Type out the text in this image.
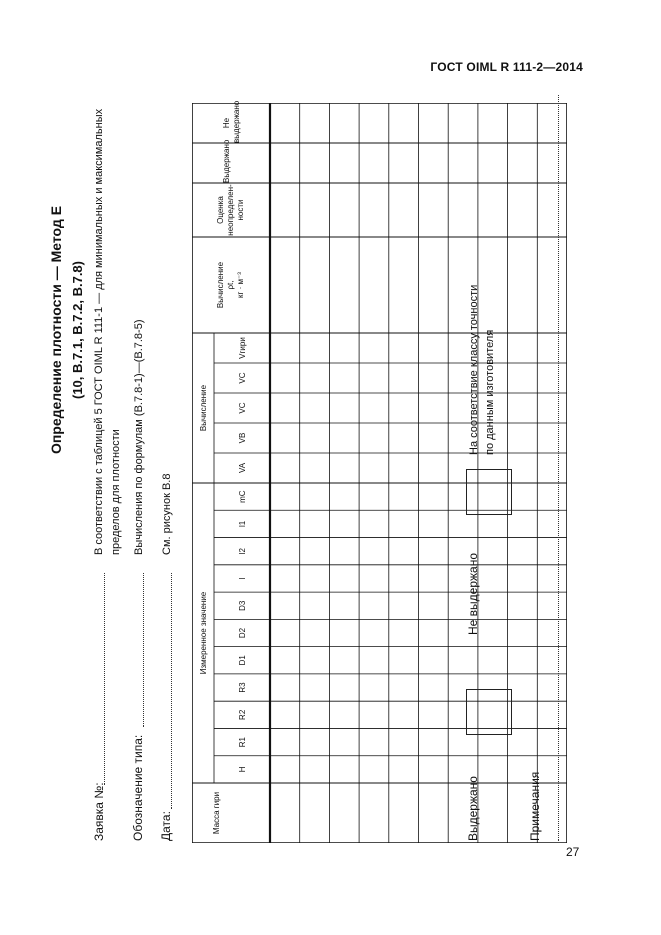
ГОСТ OIML R 111-2—2014
27
Определение плотности — Метод Е (10, В.7.1, В.7.2, В.7.8)
Заявка №:
В соответствии с таблицей 5 ГОСТ OIML R 111-1 — для минимальных и максимальных пределов для плотности
Обозначение типа:
Вычисления по формулам (В.7.8-1)—(В.7.8-5)
Дата:
См. рисунок В.8
Масса гири
Измеренное значение
Вычисление
Вычисление ρt, кг · м⁻³
Оценка неопределен-ности
Выдержано
Не выдержано
Н
R1
R2
R3
D1
D2
D3
l
l2
l1
mC
VA
VB
VC
VC
Vгири
Выдержано
Не выдержано
На соответствие классу точности по данным изготовителя
Примечания
